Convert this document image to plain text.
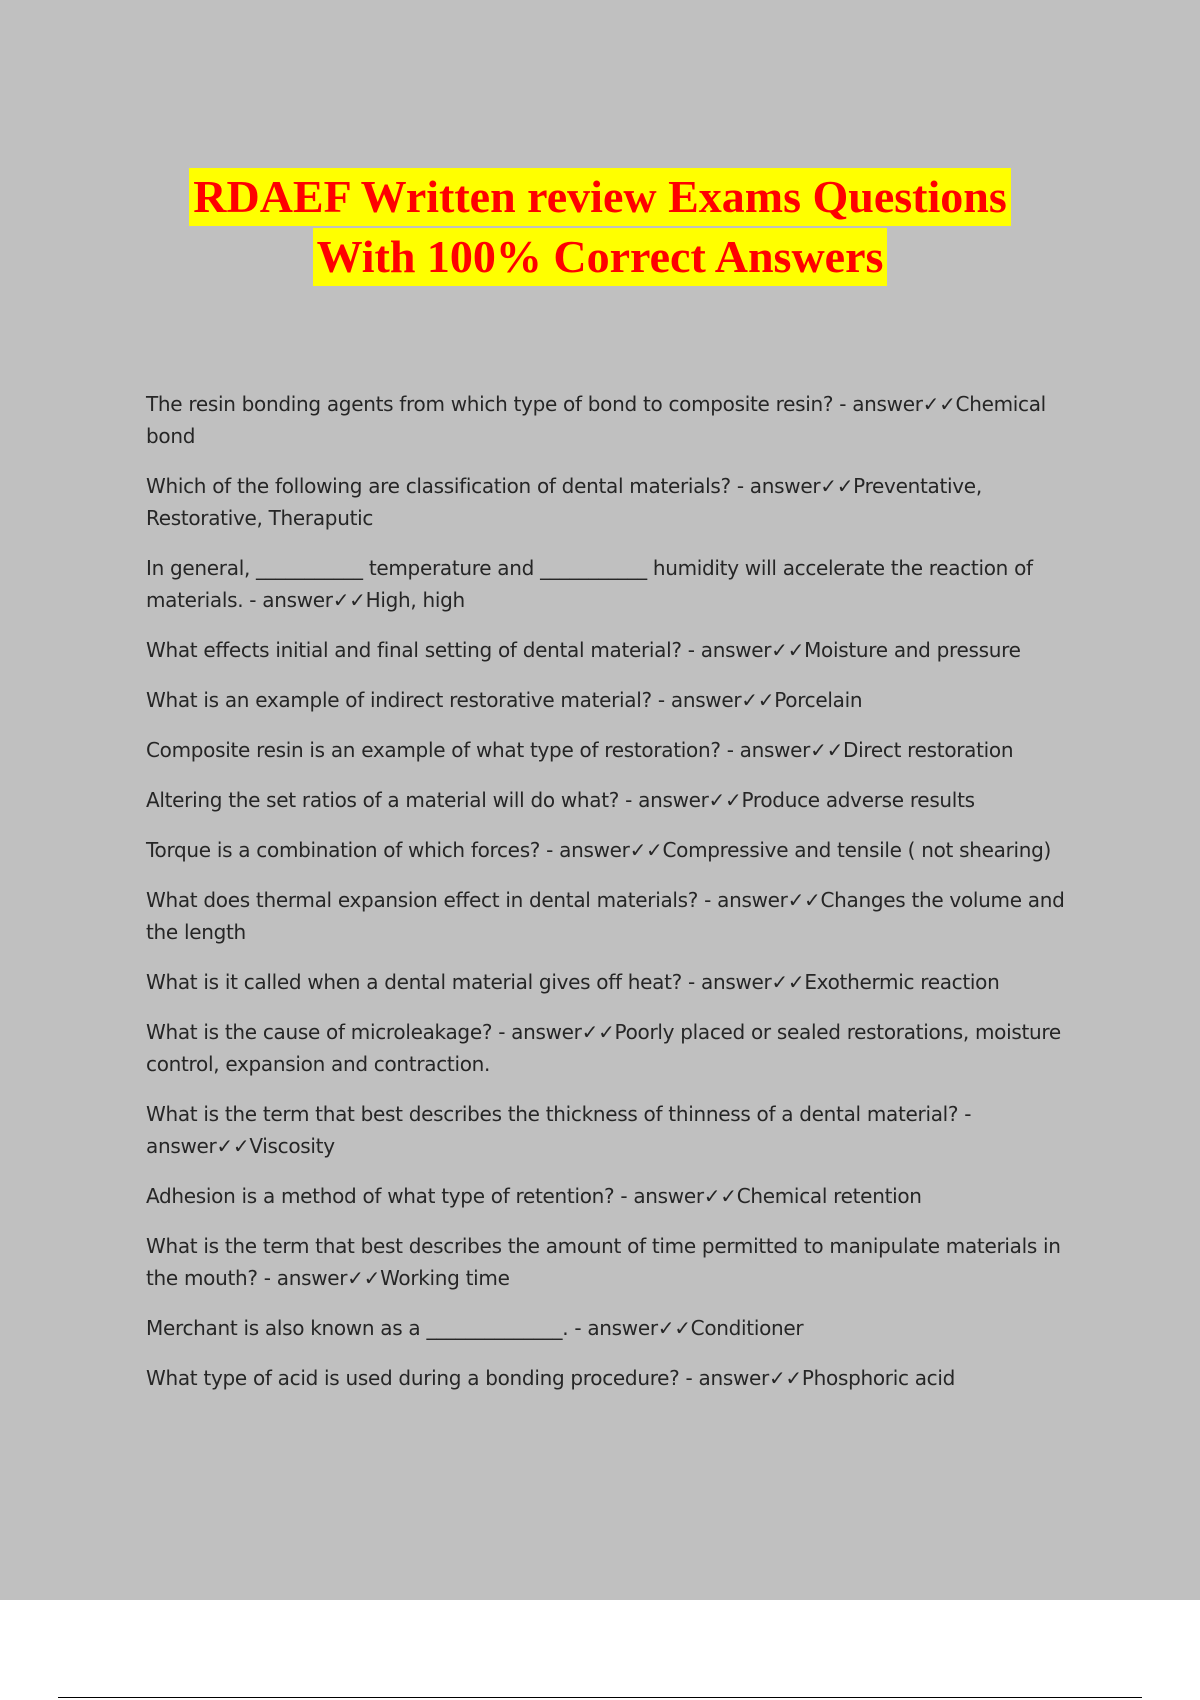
RDAEF Written review Exams Questions
With 100% Correct Answers
The resin bonding agents from which type of bond to composite resin? - answer✓✓Chemical bond
Which of the following are classification of dental materials? - answer✓✓Preventative, Restorative, Theraputic
In general, ___________ temperature and ___________ humidity will accelerate the reaction of materials. - answer✓✓High, high
What effects initial and final setting of dental material? - answer✓✓Moisture and pressure
What is an example of indirect restorative material? - answer✓✓Porcelain
Composite resin is an example of what type of restoration? - answer✓✓Direct restoration
Altering the set ratios of a material will do what? - answer✓✓Produce adverse results
Torque is a combination of which forces? - answer✓✓Compressive and tensile ( not shearing)
What does thermal expansion effect in dental materials? - answer✓✓Changes the volume and the length
What is it called when a dental material gives off heat? - answer✓✓Exothermic reaction
What is the cause of microleakage? - answer✓✓Poorly placed or sealed restorations, moisture control, expansion and contraction.
What is the term that best describes the thickness of thinness of a dental material? - answer✓✓Viscosity
Adhesion is a method of what type of retention? - answer✓✓Chemical retention
What is the term that best describes the amount of time permitted to manipulate materials in the mouth? - answer✓✓Working time
Merchant is also known as a ______________. - answer✓✓Conditioner
What type of acid is used during a bonding procedure? - answer✓✓Phosphoric acid
